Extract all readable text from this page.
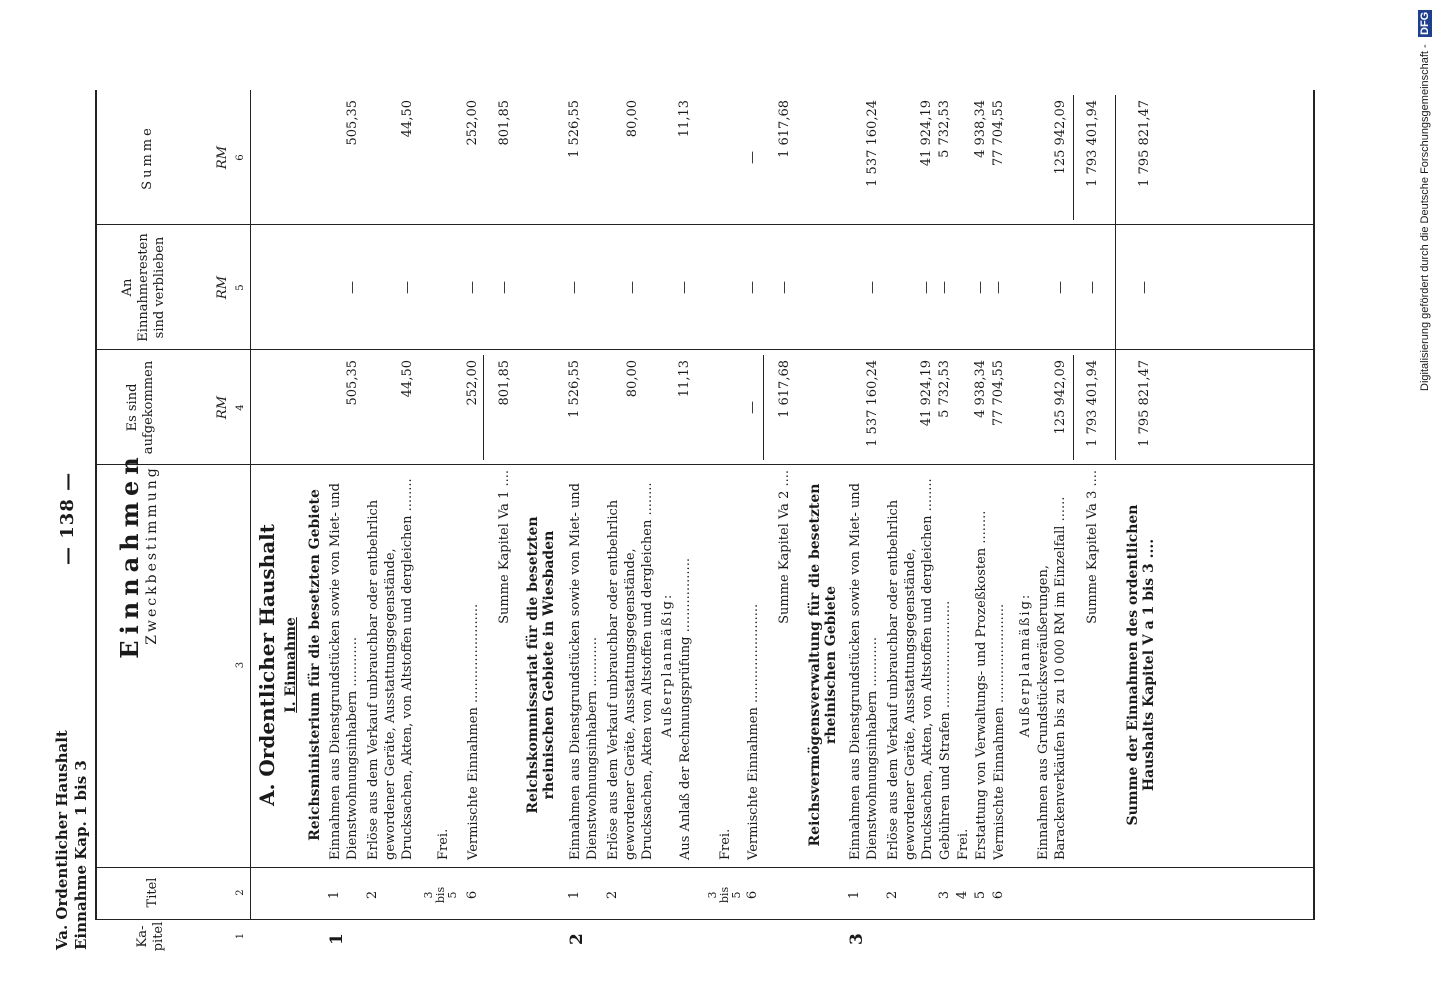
Va. Ordentlicher Haushalt Einnahme Kap. 1 bis 3
— 138 —
Ka- pitel
Titel
Einnahmen Zweckbestimmung
Es sind aufgekommen
An Einnahmeresten sind verblieben
Summe
RM
RM
RM
1
2
3
4
5
6
A. Ordentlicher Haushalt I. Einnahme
1
Reichsministerium für die besetzten Gebiete
1
Einnahmen aus Dienstgrundstücken sowie von Miet- und Dienstwohnungsinhabern ............
505,35
—
505,35
2
Erlöse aus dem Verkauf unbrauchbar oder entbehrlich gewordener Geräte, Ausstattungsgegenstände, Drucksachen, Akten, von Altstoffen und dergleichen ........
44,50
—
44,50
3 bis 5
Frei.
6
Vermischte Einnahmen ........................
252,00
—
252,00
Summe Kapitel Va 1 ....
801,85
—
801,85
2
Reichskommissariat für die besetzten rheinischen Gebiete in Wiesbaden
1
Einnahmen aus Dienstgrundstücken sowie von Miet- und Dienstwohnungsinhabern ............
1 526,55
—
1 526,55
2
Erlöse aus dem Verkauf unbrauchbar oder entbehrlich gewordener Geräte, Ausstattungsgegenstände, Drucksachen, Akten von Altstoffen und dergleichen ........
80,00
—
80,00
Außerplanmäßig: Aus Anlaß der Rechnungsprüfung ..................
11,13
—
11,13
3 bis 5
Frei.
6
Vermischte Einnahmen ........................
—
—
—
Summe Kapitel Va 2 ....
1 617,68
—
1 617,68
3
Reichsvermögensverwaltung für die besetzten rheinischen Gebiete
1
Einnahmen aus Dienstgrundstücken sowie von Miet- und Dienstwohnungsinhabern ............
1 537 160,24
—
1 537 160,24
2
Erlöse aus dem Verkauf unbrauchbar oder entbehrlich gewordener Geräte, Ausstattungsgegenstände, Drucksachen, Akten, von Altstoffen und dergleichen ........
41 924,19
—
41 924,19
3
Gebühren und Strafen ..........................
5 732,53
—
5 732,53
4
Frei.
5
Erstattung von Verwaltungs- und Prozeßkosten ........
4 938,34
—
4 938,34
6
Vermischte Einnahmen ........................
77 704,55
—
77 704,55
Außerplanmäßig: Einnahmen aus Grundstücksveräußerungen, Barackenverkäufen bis zu 10 000 RM im Einzelfall ......
125 942,09
—
125 942,09
Summe Kapitel Va 3 ....
1 793 401,94
—
1 793 401,94
Summe der Einnahmen des ordentlichen Haushalts Kapitel V a 1 bis 3 ....
1 795 821,47
—
1 795 821,47	Digitalisierung gefördert durch die Deutsche Forschungsgemeinschaft - DFG
